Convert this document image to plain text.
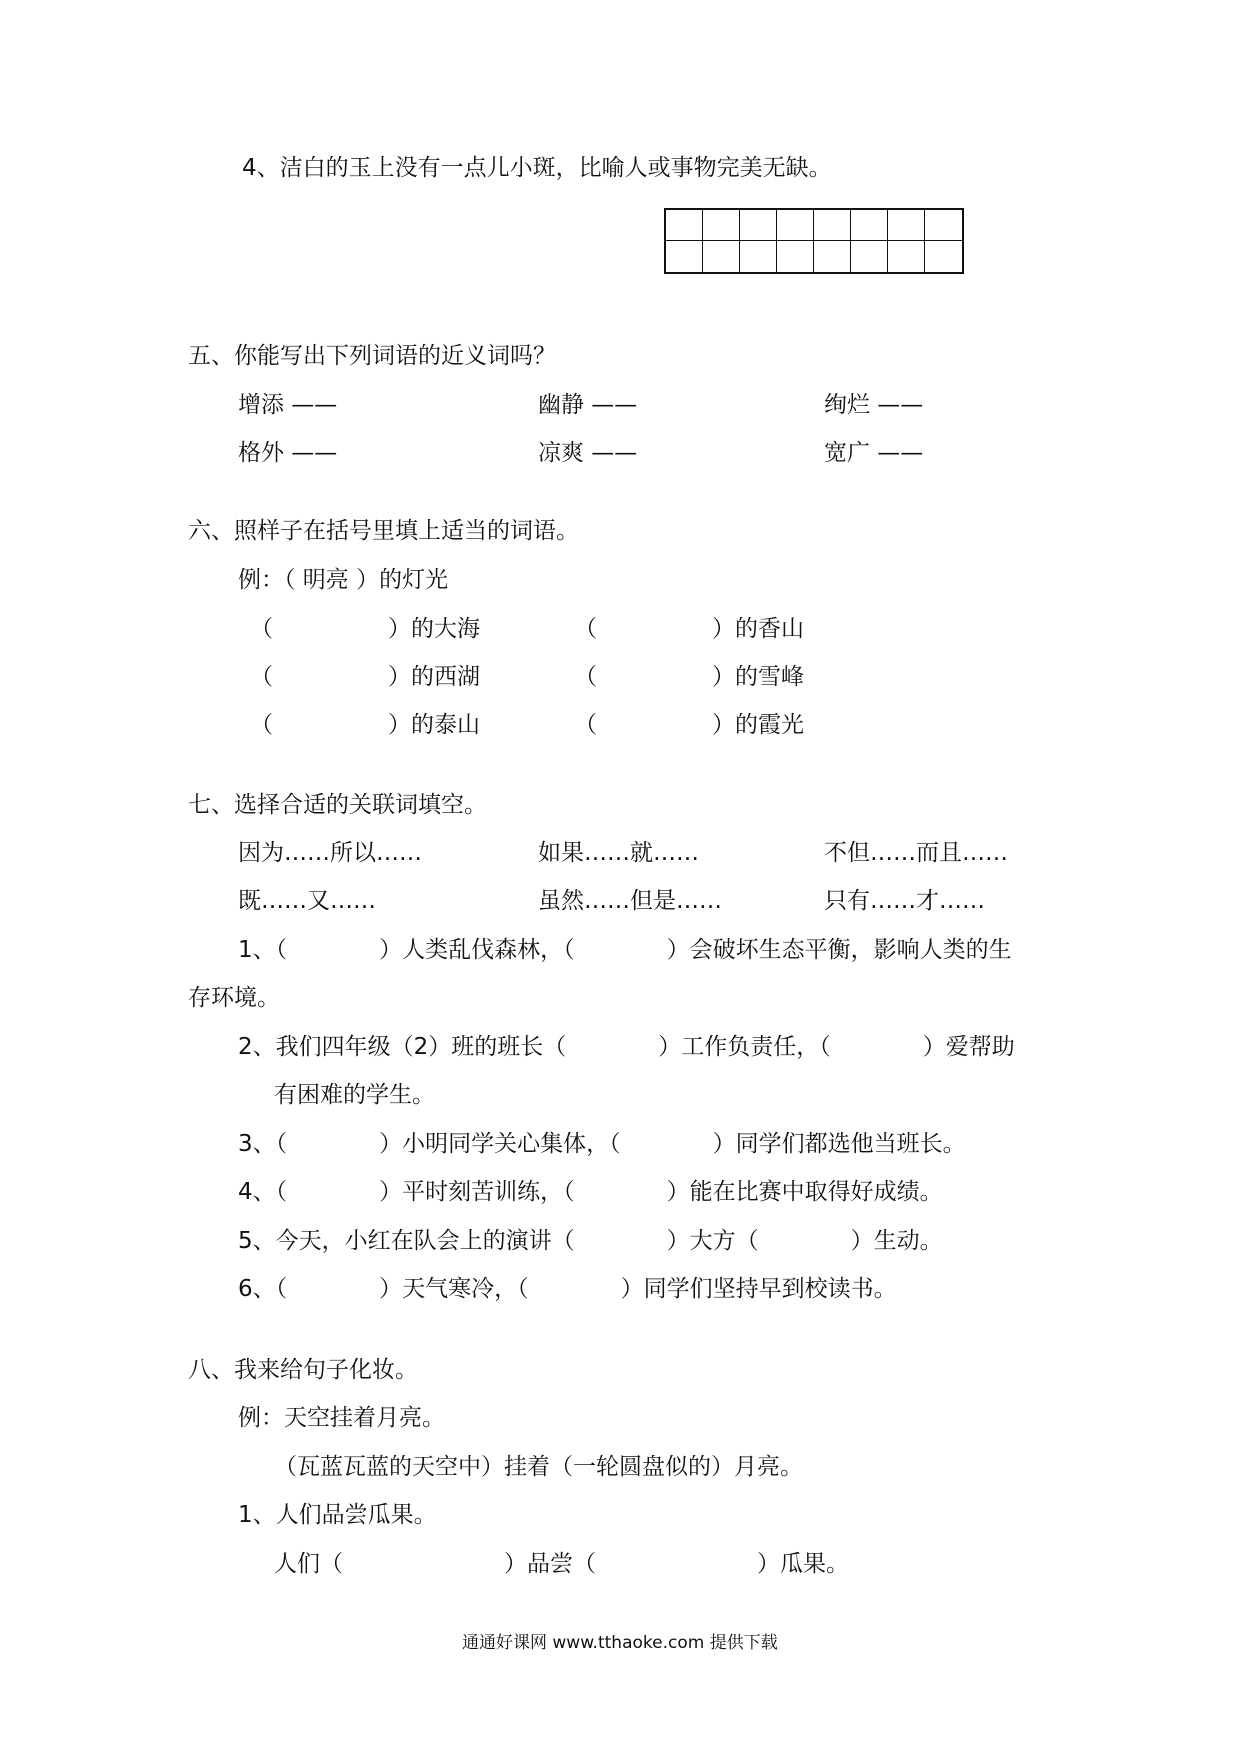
4、洁白的玉上没有一点儿小斑，比喻人或事物完美无缺。
五、你能写出下列词语的近义词吗？
增添 ——	幽静 ——	绚烂 ——
格外 ——	凉爽 ——	宽广 ——
六、照样子在括号里填上适当的词语。
例：（ 明亮 ）的灯光
（　　　　　）的大海	（　　　　　）的香山
（　　　　　）的西湖	（　　　　　）的雪峰
（　　　　　）的泰山	（　　　　　）的霞光
七、选择合适的关联词填空。
因为……所以……	如果……就……	不但……而且……
既……又……	虽然……但是……	只有……才……
1、（　　　　）人类乱伐森林，（　　　　）会破坏生态平衡，影响人类的生
存环境。
2、我们四年级（2）班的班长（　　　　）工作负责任，（　　　　）爱帮助
有困难的学生。
3、（　　　　）小明同学关心集体，（　　　　）同学们都选他当班长。
4、（　　　　）平时刻苦训练，（　　　　）能在比赛中取得好成绩。
5、今天，小红在队会上的演讲（　　　　）大方（　　　　）生动。
6、（　　　　）天气寒冷，（　　　　）同学们坚持早到校读书。
八、我来给句子化妆。
例：天空挂着月亮。
（瓦蓝瓦蓝的天空中）挂着（一轮圆盘似的）月亮。
1、人们品尝瓜果。
人们（　　　　　　　）品尝（　　　　　　　）瓜果。
通通好课网 www.tthaoke.com 提供下载
